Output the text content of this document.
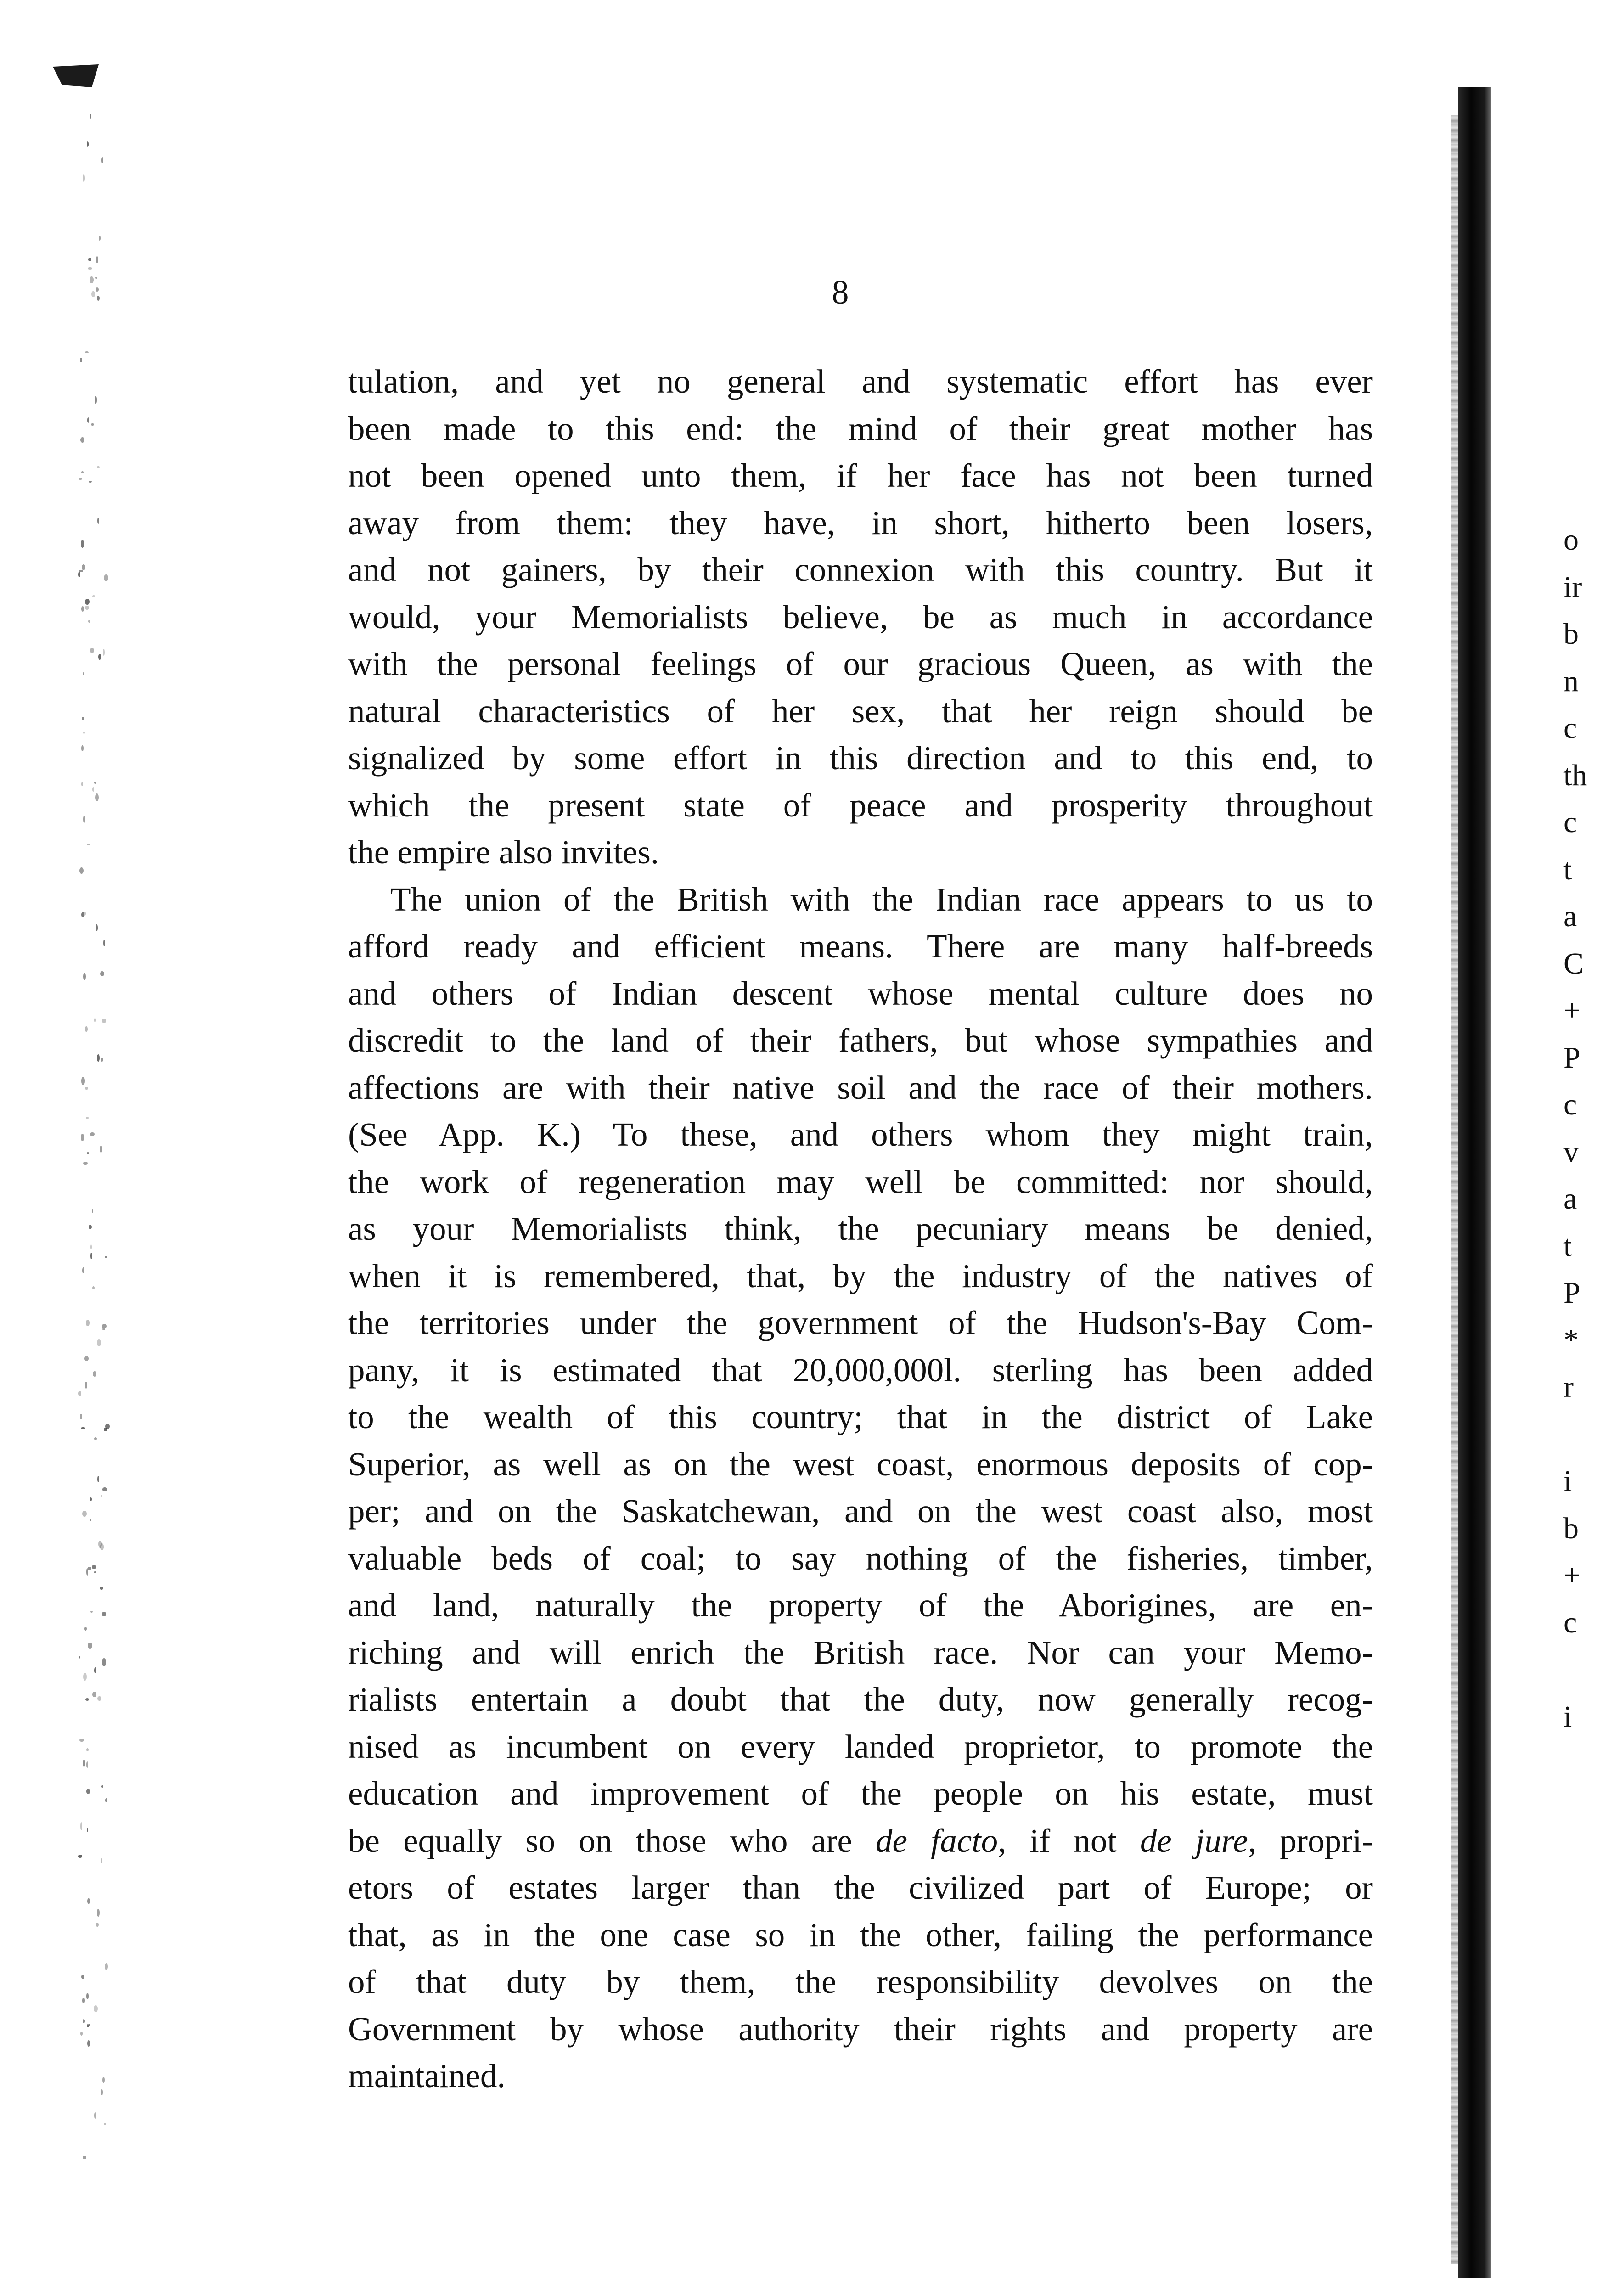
8
tulation, and yet no general and systematic effort has ever
been made to this end: the mind of their great mother has
not been opened unto them, if her face has not been turned
away from them: they have, in short, hitherto been losers,
and not gainers, by their connexion with this country. But it
would, your Memorialists believe, be as much in accordance
with the personal feelings of our gracious Queen, as with the
natural characteristics of her sex, that her reign should be
signalized by some effort in this direction and to this end, to
which the present state of peace and prosperity throughout
the empire also invites.
The union of the British with the Indian race appears to us to
afford ready and efficient means. There are many half-breeds
and others of Indian descent whose mental culture does no
discredit to the land of their fathers, but whose sympathies and
affections are with their native soil and the race of their mothers.
(See App. K.) To these, and others whom they might train,
the work of regeneration may well be committed: nor should,
as your Memorialists think, the pecuniary means be denied,
when it is remembered, that, by the industry of the natives of
the territories under the government of the Hudson's-Bay Com-
pany, it is estimated that 20,000,000l. sterling has been added
to the wealth of this country; that in the district of Lake
Superior, as well as on the west coast, enormous deposits of cop-
per; and on the Saskatchewan, and on the west coast also, most
valuable beds of coal; to say nothing of the fisheries, timber,
and land, naturally the property of the Aborigines, are en-
riching and will enrich the British race. Nor can your Memo-
rialists entertain a doubt that the duty, now generally recog-
nised as incumbent on every landed proprietor, to promote the
education and improvement of the people on his estate, must
be equally so on those who are de facto, if not de jure, propri-
etors of estates larger than the civilized part of Europe; or
that, as in the one case so in the other, failing the performance
of that duty by them, the responsibility devolves on the
Government by whose authority their rights and property are
maintained.
o
ir
b
n
c
th
c
t
a
C
+
P
c
v
a
t
P
*
r
i
b
+
c
i
